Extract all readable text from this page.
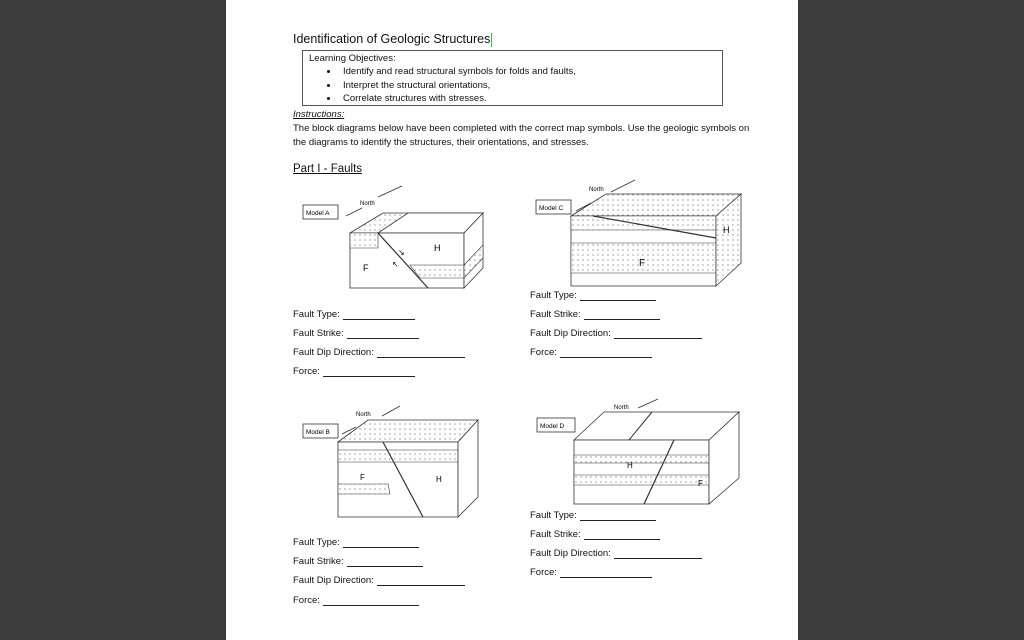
Identification of Geologic Structures
Learning Objectives:
• Identify and read structural symbols for folds and faults,
• Interpret the structural orientations,
• Correlate structures with stresses.
Instructions:
The block diagrams below have been completed with the correct map symbols. Use the geologic symbols on the diagrams to identify the structures, their orientations, and stresses.
Part I - Faults
Model A
H
F
↘
↖
North
Fault Type:
Fault Strike:
Fault Dip Direction:
Force:
Model C
H
F
North
Fault Type:
Fault Strike:
Fault Dip Direction:
Force:
Model B
H
F
North
Fault Type:
Fault Strike:
Fault Dip Direction:
Force:
Model D
H
F
North
Fault Type:
Fault Strike:
Fault Dip Direction:
Force:
